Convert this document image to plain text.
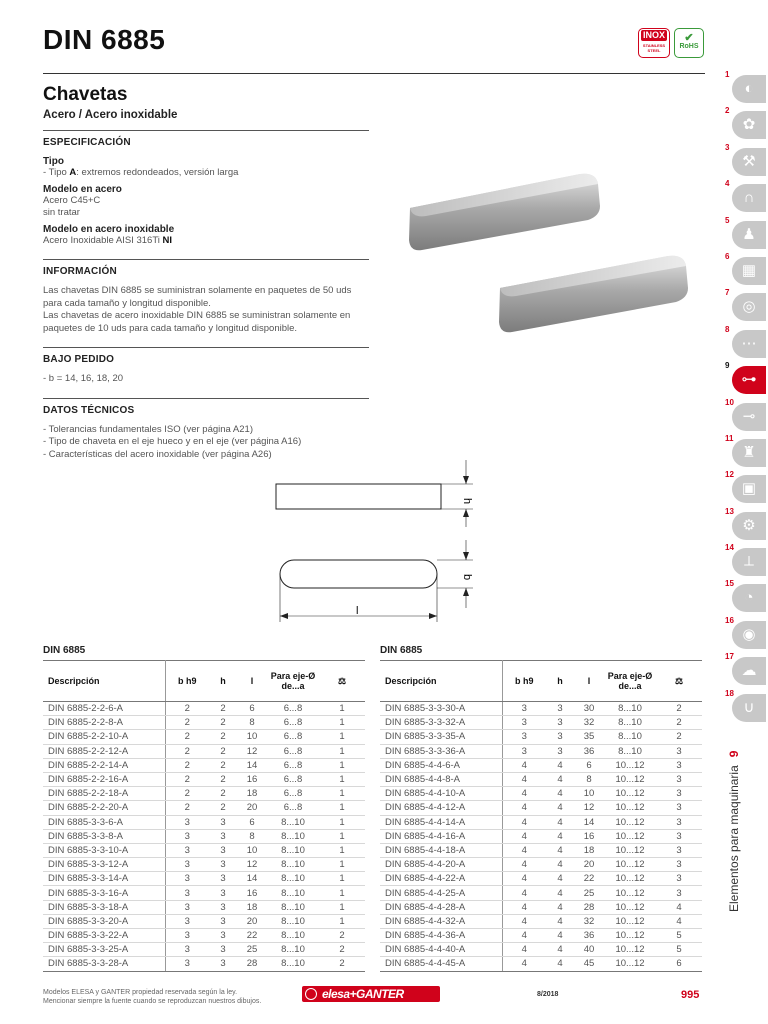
DIN 6885	INOX
STAINLESS STEEL
✔
RoHS
Chavetas
Acero / Acero inoxidable
ESPECIFICACIÓN
Tipo
- Tipo A: extremos redondeados, versión larga
Modelo en acero
Acero C45+C
sin tratar
Modelo en acero inoxidable
Acero Inoxidable AISI 316Ti NI
INFORMACIÓN
Las chavetas DIN 6885 se suministran solamente en paquetes de 50 uds para cada tamaño y longitud disponible.
Las chavetas de acero inoxidable DIN 6885 se suministran solamente en paquetes de 10 uds para cada tamaño y longitud disponible.
BAJO PEDIDO
- b = 14, 16, 18, 20
DATOS TÉCNICOS
- Tolerancias fundamentales ISO (ver página A21)
- Tipo de chaveta en el eje hueco y en el eje (ver página A16)
- Características del acero inoxidable (ver página A26)
h
b
l
DIN 6885
Descripción	b h9	h	l	Para eje-Ø de...a	⚖
DIN 6885-2-2-6-A	2	2	6	6...8	1
DIN 6885-2-2-8-A	2	2	8	6...8	1
DIN 6885-2-2-10-A	2	2	10	6...8	1
DIN 6885-2-2-12-A	2	2	12	6...8	1
DIN 6885-2-2-14-A	2	2	14	6...8	1
DIN 6885-2-2-16-A	2	2	16	6...8	1
DIN 6885-2-2-18-A	2	2	18	6...8	1
DIN 6885-2-2-20-A	2	2	20	6...8	1
DIN 6885-3-3-6-A	3	3	6	8...10	1
DIN 6885-3-3-8-A	3	3	8	8...10	1
DIN 6885-3-3-10-A	3	3	10	8...10	1
DIN 6885-3-3-12-A	3	3	12	8...10	1
DIN 6885-3-3-14-A	3	3	14	8...10	1
DIN 6885-3-3-16-A	3	3	16	8...10	1
DIN 6885-3-3-18-A	3	3	18	8...10	1
DIN 6885-3-3-20-A	3	3	20	8...10	1
DIN 6885-3-3-22-A	3	3	22	8...10	2
DIN 6885-3-3-25-A	3	3	25	8...10	2
DIN 6885-3-3-28-A	3	3	28	8...10	2
DIN 6885
Descripción	b h9	h	l	Para eje-Ø de...a	⚖
DIN 6885-3-3-30-A	3	3	30	8...10	2
DIN 6885-3-3-32-A	3	3	32	8...10	2
DIN 6885-3-3-35-A	3	3	35	8...10	2
DIN 6885-3-3-36-A	3	3	36	8...10	3
DIN 6885-4-4-6-A	4	4	6	10...12	3
DIN 6885-4-4-8-A	4	4	8	10...12	3
DIN 6885-4-4-10-A	4	4	10	10...12	3
DIN 6885-4-4-12-A	4	4	12	10...12	3
DIN 6885-4-4-14-A	4	4	14	10...12	3
DIN 6885-4-4-16-A	4	4	16	10...12	3
DIN 6885-4-4-18-A	4	4	18	10...12	3
DIN 6885-4-4-20-A	4	4	20	10...12	3
DIN 6885-4-4-22-A	4	4	22	10...12	3
DIN 6885-4-4-25-A	4	4	25	10...12	3
DIN 6885-4-4-28-A	4	4	28	10...12	4
DIN 6885-4-4-32-A	4	4	32	10...12	4
DIN 6885-4-4-36-A	4	4	36	10...12	5
DIN 6885-4-4-40-A	4	4	40	10...12	5
DIN 6885-4-4-45-A	4	4	45	10...12	6
1
◐
2
✿
3
⚒
4
∩
5
♟
6
▦
7
◎
8
⋯
9
⊶
10
⊸
11
♜
12
▣
13
⚙
14
⟂
15
◔
16
◉
17
☁
18
∪
Elementos para maquinaria9
Modelos ELESA y GANTER propiedad reservada según la ley.
Mencionar siempre la fuente cuando se reproduzcan nuestros dibujos.
elesa+GANTER	8/2018	995
